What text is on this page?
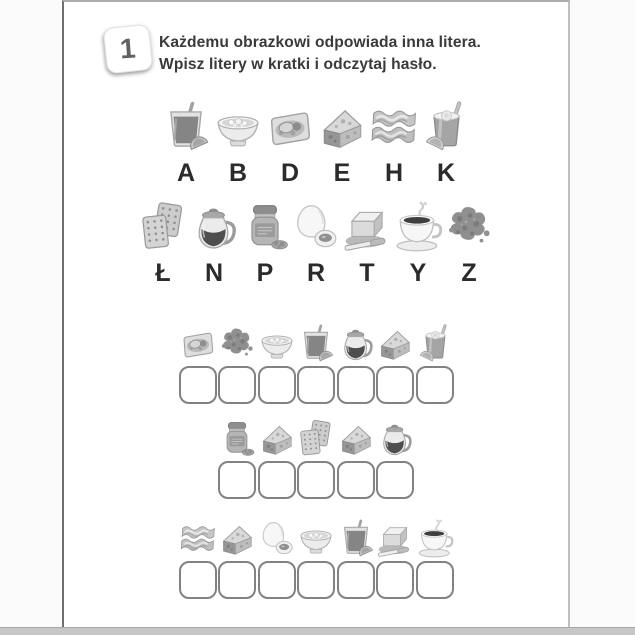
1 Każdemu obrazkowi odpowiada inna litera.
Wpisz litery w kratki i odczytaj hasło.
A B D E H K
Ł N P R T Y Z
